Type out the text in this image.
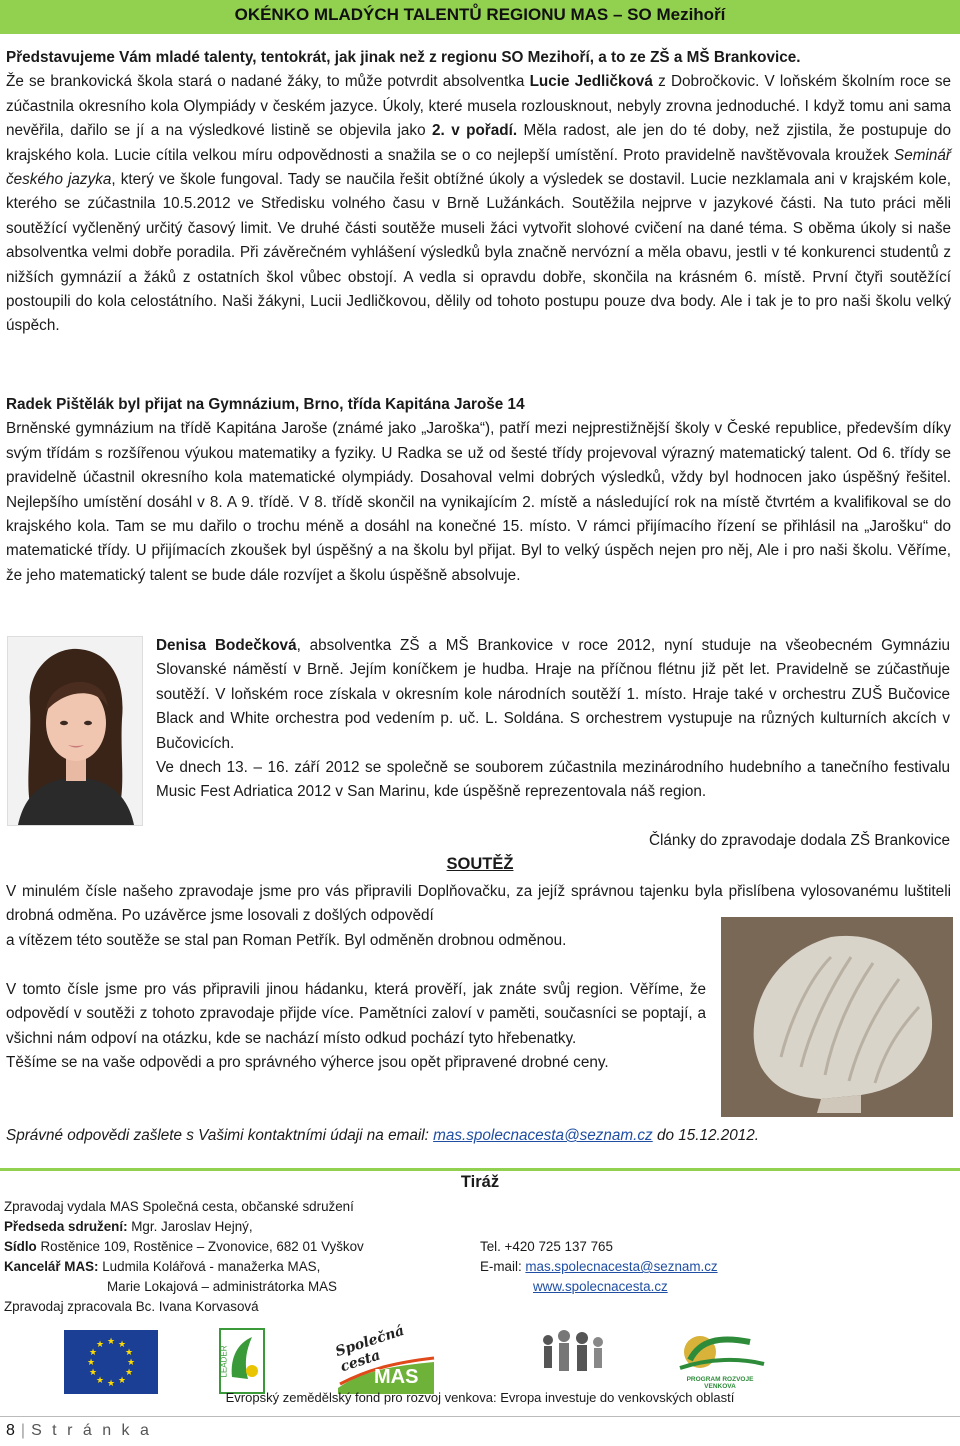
OKÉNKO MLADÝCH TALENTŮ REGIONU MAS – SO Mezihoří
Představujeme Vám mladé talenty, tentokrát, jak jinak než z regionu SO Mezihoří, a to ze ZŠ a MŠ Brankovice.
Že se brankovická škola stará o nadané žáky, to může potvrdit absolventka Lucie Jedličková z Dobročkovic. V loňském školním roce se zúčastnila okresního kola Olympiády v českém jazyce. Úkoly, které musela rozlousknout, nebyly zrovna jednoduché. I když tomu ani sama nevěřila, dařilo se jí a na výsledkové listině se objevila jako 2. v pořadí. Měla radost, ale jen do té doby, než zjistila, že postupuje do krajského kola. Lucie cítila velkou míru odpovědnosti a snažila se o co nejlepší umístění. Proto pravidelně navštěvovala kroužek Seminář českého jazyka, který ve škole fungoval. Tady se naučila řešit obtížné úkoly a výsledek se dostavil. Lucie nezklamala ani v krajském kole, kterého se zúčastnila 10.5.2012 ve Středisku volného času v Brně Lužánkách. Soutěžila nejprve v jazykové části. Na tuto práci měli soutěžící vyčleněný určitý časový limit. Ve druhé části soutěže museli žáci vytvořit slohové cvičení na dané téma. S oběma úkoly si naše absolventka velmi dobře poradila. Při závěrečném vyhlášení výsledků byla značně nervózní a měla obavu, jestli v té konkurenci studentů z nižších gymnázií a žáků z ostatních škol vůbec obstojí. A vedla si opravdu dobře, skončila na krásném 6. místě. První čtyři soutěžící postoupili do kola celostátního. Naši žákyni, Lucii Jedličkovou, dělily od tohoto postupu pouze dva body. Ale i tak je to pro naši školu velký úspěch.
Radek Pištělák byl přijat na Gymnázium, Brno, třída Kapitána Jaroše 14
Brněnské gymnázium na třídě Kapitána Jaroše (známé jako „Jaroška“), patří mezi nejprestižnější školy v České republice, především díky svým třídám s rozšířenou výukou matematiky a fyziky. U Radka se už od šesté třídy projevoval výrazný matematický talent. Od 6. třídy se pravidelně účastnil okresního kola matematické olympiády. Dosahoval velmi dobrých výsledků, vždy byl hodnocen jako úspěšný řešitel. Nejlepšího umístění dosáhl v 8. A 9. třídě. V 8. třídě skončil na vynikajícím 2. místě a následující rok na místě čtvrtém a kvalifikoval se do krajského kola. Tam se mu dařilo o trochu méně a dosáhl na konečné 15. místo. V rámci přijímacího řízení se přihlásil na „Jarošku“ do matematické třídy. U přijímacích zkoušek byl úspěšný a na školu byl přijat. Byl to velký úspěch nejen pro něj, Ale i pro naši školu. Věříme, že jeho matematický talent se bude dále rozvíjet a školu úspěšně absolvuje.
Denisa Bodečková, absolventka ZŠ a MŠ Brankovice v roce 2012, nyní studuje na všeobecném Gymnáziu Slovanské náměstí v Brně. Jejím koníčkem je hudba. Hraje na příčnou flétnu již pět let. Pravidelně se zúčastňuje soutěží. V loňském roce získala v okresním kole národních soutěží 1. místo. Hraje také v orchestru ZUŠ Bučovice Black and White orchestra pod vedením p. uč. L. Soldána. S orchestrem vystupuje na různých kulturních akcích v Bučovicích.
Ve dnech 13. – 16. září 2012 se společně se souborem zúčastnila mezinárodního hudebního a tanečního festivalu Music Fest Adriatica 2012 v San Marinu, kde úspěšně reprezentovala náš region.
Články do zpravodaje dodala ZŠ Brankovice
SOUTĚŽ
V minulém čísle našeho zpravodaje jsme pro vás připravili Doplňovačku, za jejíž správnou tajenku byla přislíbena vylosovanému luštiteli drobná odměna. Po uzávěrce jsme losovali z došlých odpovědí
a vítězem této soutěže se stal pan Roman Petřík. Byl odměněn drobnou odměnou.
V tomto čísle jsme pro vás připravili jinou hádanku, která prověří, jak znáte svůj region. Věříme, že odpovědí v soutěži z tohoto zpravodaje přijde více. Pamětníci zaloví v paměti, současníci se poptají, a všichni nám odpoví na otázku, kde se nachází místo odkud pochází tyto hřebenatky.
Těšíme se na vaše odpovědi a pro správného výherce jsou opět připravené drobné ceny.
Správné odpovědi zašlete s Vašimi kontaktními údaji na email: mas.spolecnacesta@seznam.cz do 15.12.2012.
Tiráž
Zpravodaj vydala MAS Společná cesta, občanské sdružení
Předseda sdružení: Mgr. Jaroslav Hejný,
Sídlo Rostěnice 109, Rostěnice – Zvonovice, 682 01 Vyškov
Kancelář MAS: Ludmila Kolářová - manažerka MAS,
Marie Lokajová – administrátorka MAS
Zpravodaj zpracovala Bc. Ivana Korvasová
Tel. +420 725 137 765
E-mail: mas.spolecnacesta@seznam.cz
www.spolecnacesta.cz
★ ★
★
★
★
★
★
★
★
★
★
★
LEADER
Společná cesta
MAS	PROGRAM ROZVOJE VENKOVA
Evropský zemědělský fond pro rozvoj venkova: Evropa investuje do venkovských oblastí
8 | S t r á n k a
